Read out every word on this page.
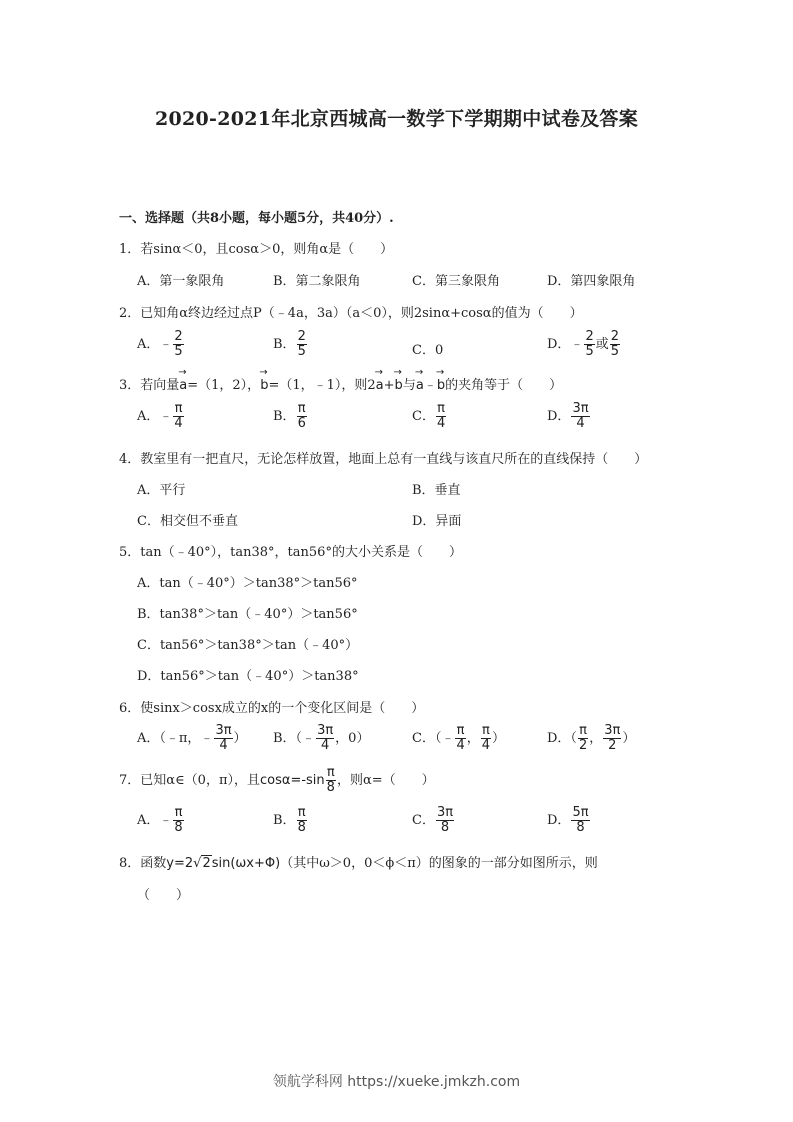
2020-2021年北京西城高一数学下学期期中试卷及答案
一、选择题（共8小题，每小题5分，共40分）.
1．若sinα＜0，且cosα＞0，则角α是（　　）
A．第一象限角	B．第二象限角	C．第三象限角	D．第四象限角
2．已知角α终边经过点P（﹣4a，3a）（a＜0），则2sinα+cosα的值为（　　）
A．﹣ $\frac{2}{5}$	B． $\frac{2}{5}$	C．0	D．﹣ $\frac{2}{5}$ 或 $\frac{2}{5}$
3．若向量→ a=（1，2），→ b=（1，﹣1），则2→ a+→ b与→ a﹣→ b的夹角等于（　　）
A．﹣ $\frac{\pi}{4}$	B． $\frac{\pi}{6}$	C． $\frac{\pi}{4}$	D． $\frac{3\pi}{4}$
4．教室里有一把直尺，无论怎样放置，地面上总有一直线与该直尺所在的直线保持（　　）
A．平行	B．垂直
C．相交但不垂直	D．异面
5．tan（﹣40°），tan38°，tan56°的大小关系是（　　）
A．tan（﹣40°）＞tan38°＞tan56°
B．tan38°＞tan（﹣40°）＞tan56°
C．tan56°＞tan38°＞tan（﹣40°）
D．tan56°＞tan（﹣40°）＞tan38°
6．使sinx＞cosx成立的x的一个变化区间是（　　）
A．（﹣π，﹣ $\frac{3\pi}{4}$ ） B．（﹣ $\frac{3\pi}{4}$ ，0）	C．（﹣ $\frac{\pi}{4}$ ， $\frac{\pi}{4}$ ）	D．（ $\frac{\pi}{2}$ ， $\frac{3\pi}{2}$ ）
7．已知α∈（0，π），且$\cos\alpha=-\sin \frac{\pi}{8}$ ，则α=（　　）
A．﹣ $\frac{\pi}{8}$	B． $\frac{\pi}{8}$	C． $\frac{3\pi}{8}$	D． $\frac{5\pi}{8}$
8．函数y=2√2sin(ωx+Φ)（其中ω＞0，0＜ϕ＜π）的图象的一部分如图所示，则
（　　）
领航学科网 https://xueke.jmkzh.com
